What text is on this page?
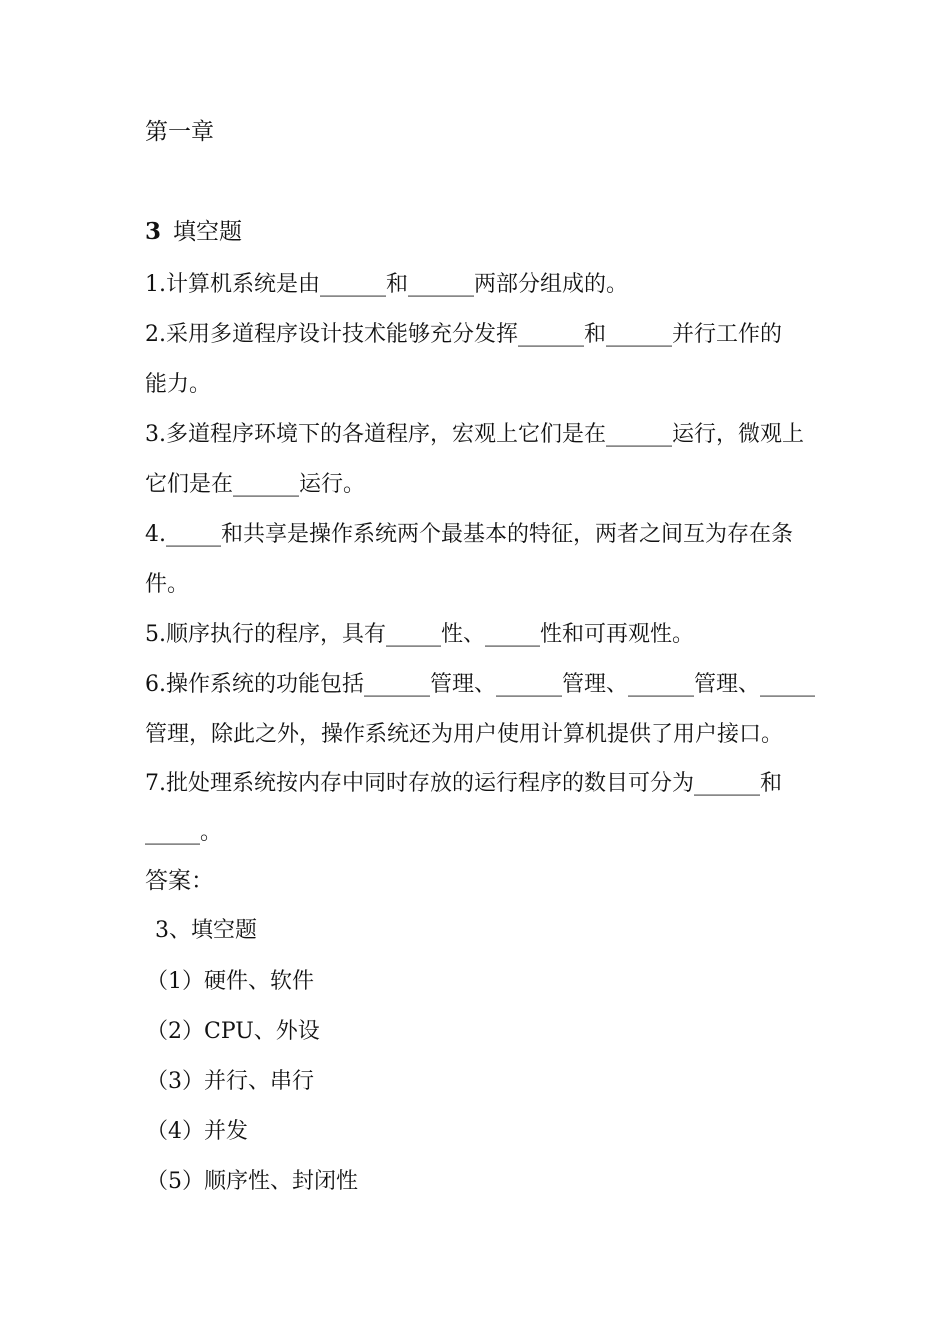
第一章
3 填空题
1.计算机系统是由______和______两部分组成的。
2.采用多道程序设计技术能够充分发挥______和______并行工作的
能力。
3.多道程序环境下的各道程序，宏观上它们是在______运行，微观上
它们是在______运行。
4._____和共享是操作系统两个最基本的特征，两者之间互为存在条
件。
5.顺序执行的程序，具有_____性、_____性和可再观性。
6.操作系统的功能包括______管理、______管理、______管理、_____
管理，除此之外，操作系统还为用户使用计算机提供了用户接口。
7.批处理系统按内存中同时存放的运行程序的数目可分为______和
_____。
答案：
3、填空题
（1）硬件、软件
（2）CPU、外设
（3）并行、串行
（4）并发
（5）顺序性、封闭性
